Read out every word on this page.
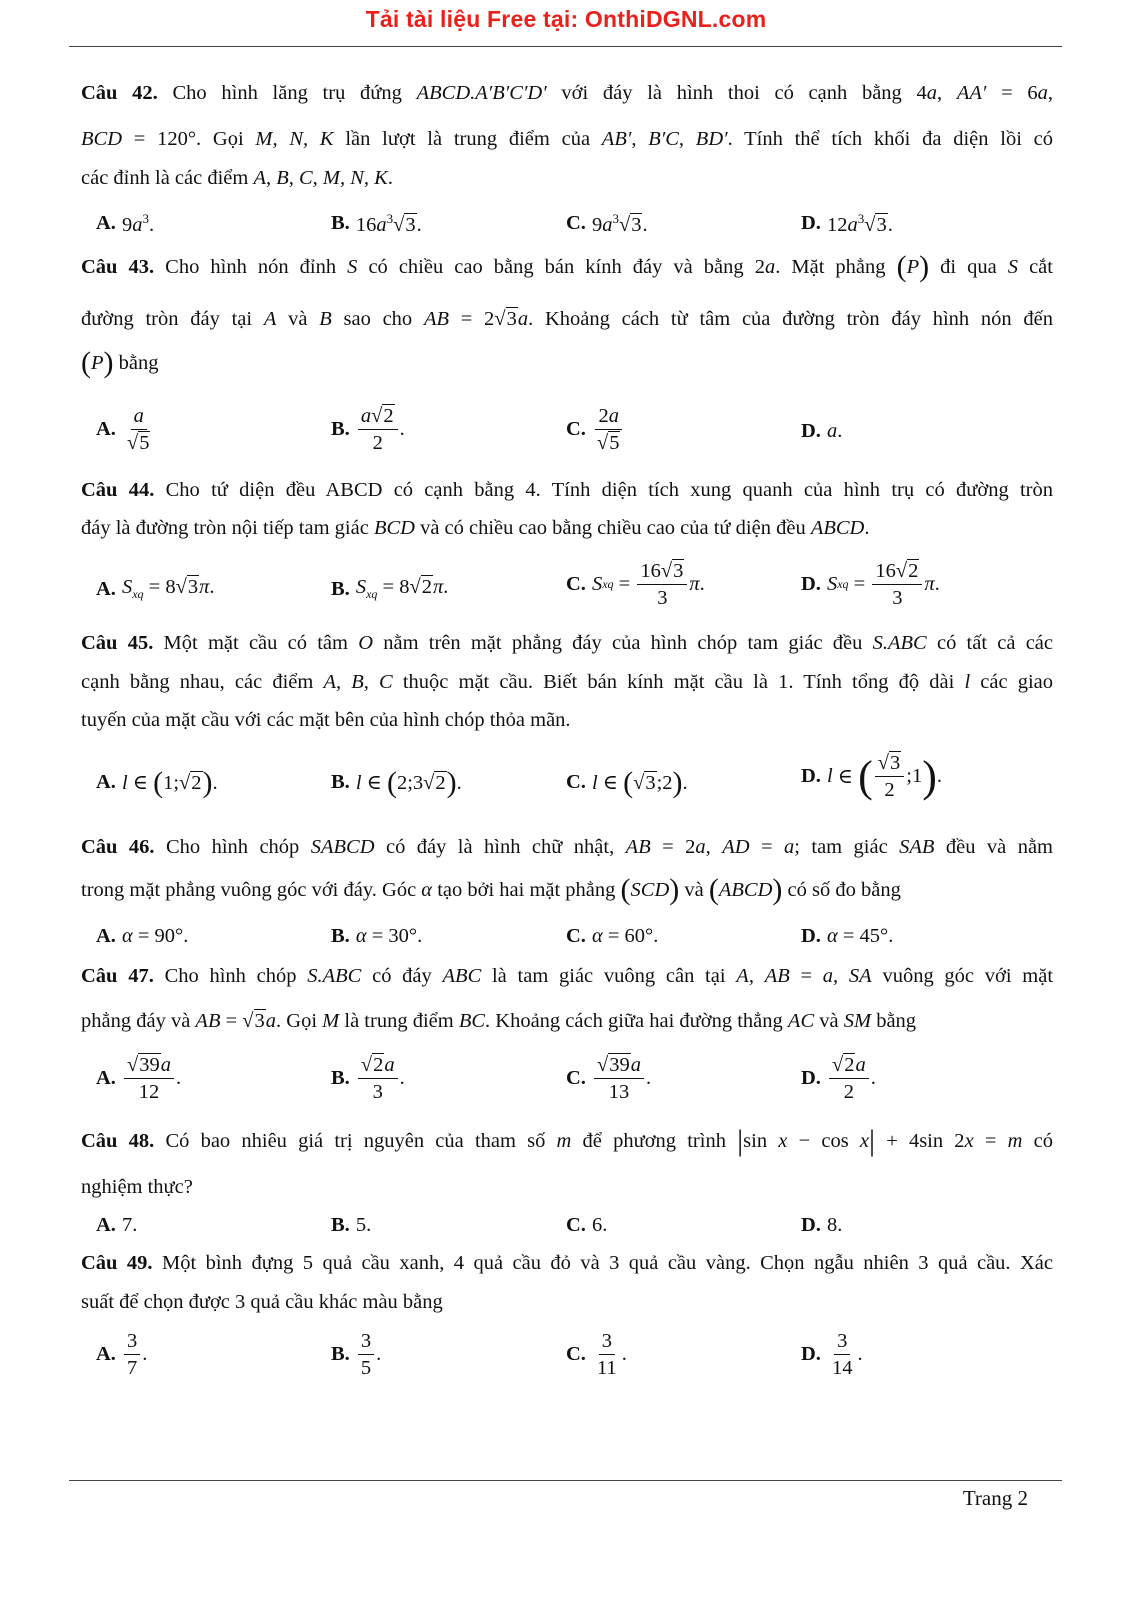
Tải tài liệu Free tại: OnthiDGNL.com
Câu 42. Cho hình lăng trụ đứng ABCD.A′B′C′D′ với đáy là hình thoi có cạnh bằng 4a, AA′ = 6a,
BCD = 120°. Gọi M, N, K lần lượt là trung điểm của AB′, B′C, BD′. Tính thể tích khối đa diện lồi có
các đỉnh là các điểm A, B, C, M, N, K.
A. $9a^3$.	B. $16a^3√3$.	C. $9a^3√3$.	D. $12a^3√3$.
Câu 43. Cho hình nón đỉnh S có chiều cao bằng bán kính đáy và bằng 2a. Mặt phẳng (P) đi qua S cắt
đường tròn đáy tại A và B sao cho AB = 2√3a. Khoảng cách từ tâm của đường tròn đáy hình nón đến
(P) bằng
A. $\frac{a}{√5}$	B. $\frac{a√2}{2}$ .	C. $\frac{2a}{√5}$	D. a.
Câu 44. Cho tứ diện đều ABCD có cạnh bằng 4. Tính diện tích xung quanh của hình trụ có đường tròn
đáy là đường tròn nội tiếp tam giác BCD và có chiều cao bằng chiều cao của tứ diện đều ABCD.
A. $S_{xq} = 8√3\pi$.	B. $S_{xq} = 8√2\pi$.	C. S xq = $\frac{16√3}{3}$ π .	D. S xq = $\frac{16√2}{3}$ π .
Câu 45. Một mặt cầu có tâm O nằm trên mặt phẳng đáy của hình chóp tam giác đều S.ABC có tất cả các
cạnh bằng nhau, các điểm A, B, C thuộc mặt cầu. Biết bán kính mặt cầu là 1. Tính tổng độ dài l các giao
tuyến của mặt cầu với các mặt bên của hình chóp thỏa mãn.
A. l ∈ (1;√2).	B. l ∈ (2;3√2).	C. l ∈ (√3;2).	D. l ∈ ( $\frac{√3}{2}$ ;1 ) .
Câu 46. Cho hình chóp SABCD có đáy là hình chữ nhật, AB = 2a, AD = a; tam giác SAB đều và nằm
trong mặt phẳng vuông góc với đáy. Góc α tạo bởi hai mặt phẳng (SCD) và (ABCD) có số đo bằng
A. α = 90°.	B. α = 30°.	C. α = 60°.	D. α = 45°.
Câu 47. Cho hình chóp S.ABC có đáy ABC là tam giác vuông cân tại A, AB = a, SA vuông góc với mặt
phẳng đáy và AB = √3a. Gọi M là trung điểm BC. Khoảng cách giữa hai đường thẳng AC và SM bằng
A. $\frac{√39a}{12}$ .	B. $\frac{√2a}{3}$ .	C. $\frac{√39a}{13}$ .	D. $\frac{√2a}{2}$ .
Câu 48. Có bao nhiêu giá trị nguyên của tham số m để phương trình |sin x − cos x| + 4sin 2x = m có
nghiệm thực?
A. 7.	B. 5.	C. 6.	D. 8.
Câu 49. Một bình đựng 5 quả cầu xanh, 4 quả cầu đỏ và 3 quả cầu vàng. Chọn ngẫu nhiên 3 quả cầu. Xác
suất để chọn được 3 quả cầu khác màu bằng
A. $\frac{3}{7}$ .	B. $\frac{3}{5}$ .	C. $\frac{3}{11}$ .	D. $\frac{3}{14}$ .
Trang 2
